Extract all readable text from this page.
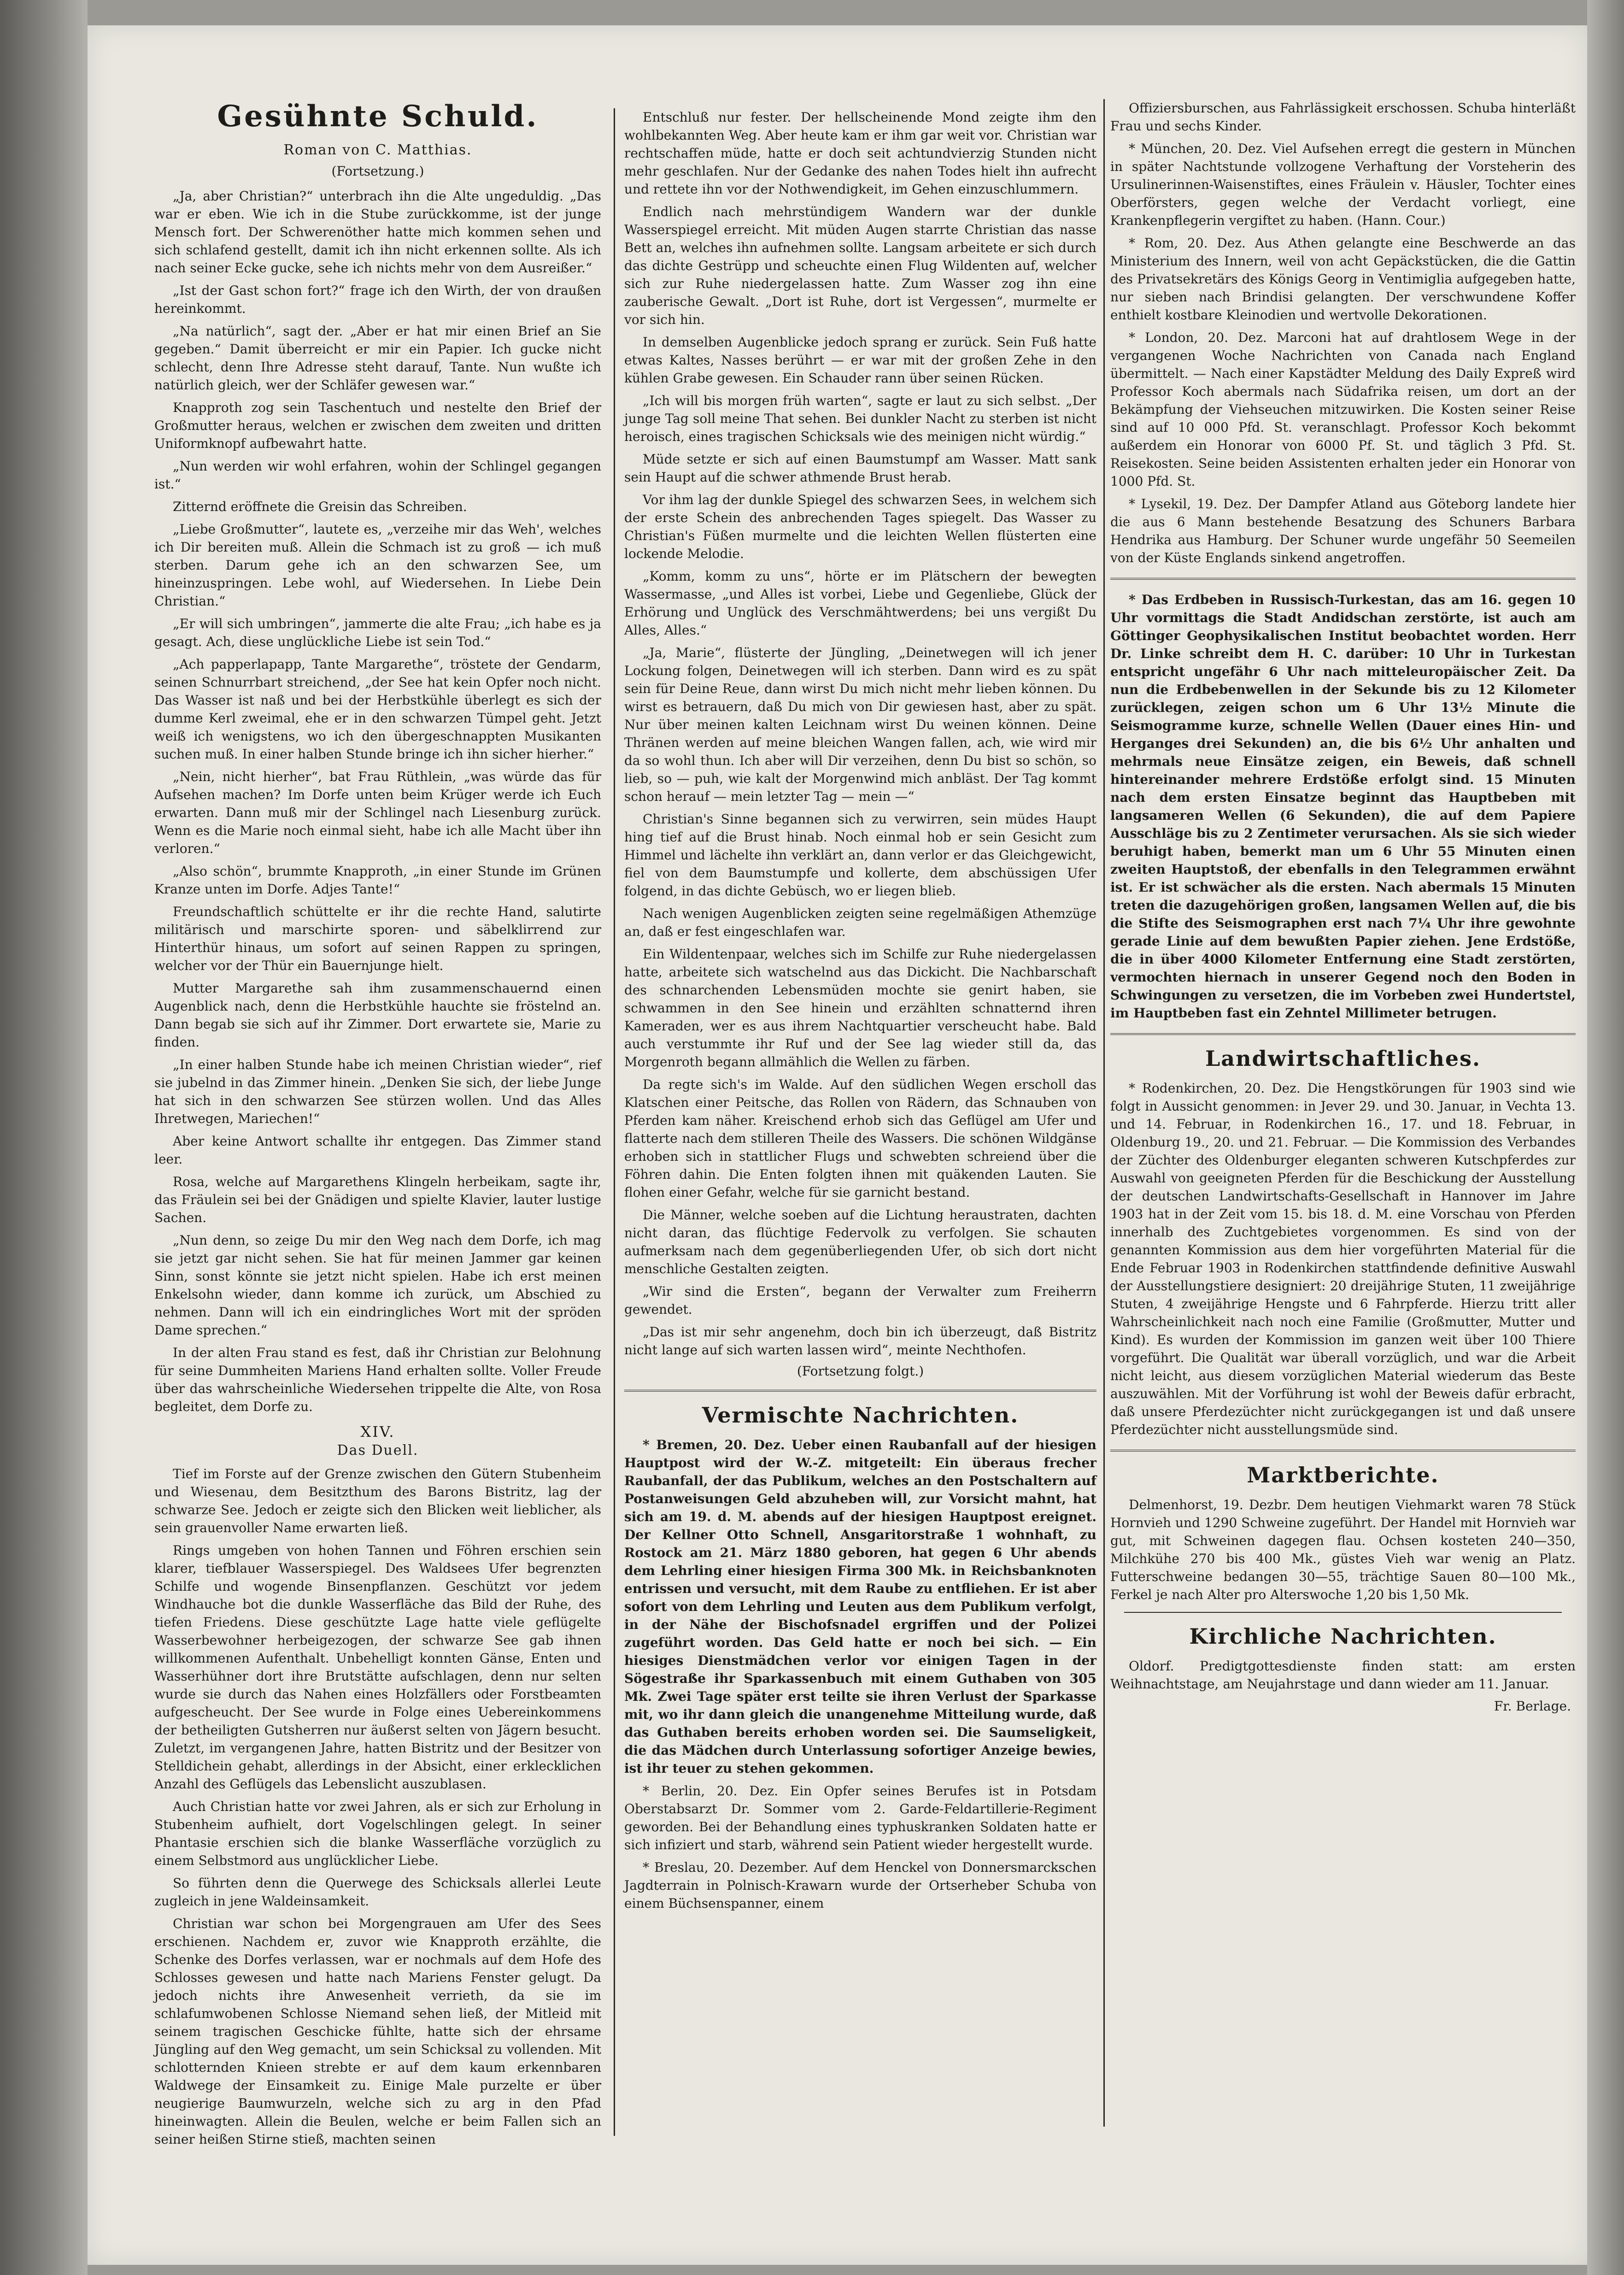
Gesühnte Schuld.
Roman von C. Matthias.
(Fortsetzung.)

„Ja, aber Christian?“ unterbrach ihn die Alte ungeduldig. „Das war er eben. Wie ich in die Stube zurückkomme, ist der junge Mensch fort. Der Schwerenöther hatte mich kommen sehen und sich schlafend gestellt, damit ich ihn nicht erkennen sollte. Als ich nach seiner Ecke gucke, sehe ich nichts mehr von dem Ausreißer.“

„Ist der Gast schon fort?“ frage ich den Wirth, der von draußen hereinkommt.

„Na natürlich“, sagt der. „Aber er hat mir einen Brief an Sie gegeben.“ Damit überreicht er mir ein Papier. Ich gucke nicht schlecht, denn Ihre Adresse steht darauf, Tante. Nun wußte ich natürlich gleich, wer der Schläfer gewesen war.“

Knapproth zog sein Taschentuch und nestelte den Brief der Großmutter heraus, welchen er zwischen dem zweiten und dritten Uniformknopf aufbewahrt hatte.

„Nun werden wir wohl erfahren, wohin der Schlingel gegangen ist.“

Zitternd eröffnete die Greisin das Schreiben.

„Liebe Großmutter“, lautete es, „verzeihe mir das Weh', welches ich Dir bereiten muß. Allein die Schmach ist zu groß — ich muß sterben. Darum gehe ich an den schwarzen See, um hineinzuspringen. Lebe wohl, auf Wiedersehen. In Liebe Dein Christian.“

„Er will sich umbringen“, jammerte die alte Frau; „ich habe es ja gesagt. Ach, diese unglückliche Liebe ist sein Tod.“

„Ach papperlapapp, Tante Margarethe“, tröstete der Gendarm, seinen Schnurrbart streichend, „der See hat kein Opfer noch nicht. Das Wasser ist naß und bei der Herbstkühle überlegt es sich der dumme Kerl zweimal, ehe er in den schwarzen Tümpel geht. Jetzt weiß ich wenigstens, wo ich den übergeschnappten Musikanten suchen muß. In einer halben Stunde bringe ich ihn sicher hierher.“

„Nein, nicht hierher“, bat Frau Rüthlein, „was würde das für Aufsehen machen? Im Dorfe unten beim Krüger werde ich Euch erwarten. Dann muß mir der Schlingel nach Liesenburg zurück. Wenn es die Marie noch einmal sieht, habe ich alle Macht über ihn verloren.“

„Also schön“, brummte Knapproth, „in einer Stunde im Grünen Kranze unten im Dorfe. Adjes Tante!“

Freundschaftlich schüttelte er ihr die rechte Hand, salutirte militärisch und marschirte sporen- und säbelklirrend zur Hinterthür hinaus, um sofort auf seinen Rappen zu springen, welcher vor der Thür ein Bauernjunge hielt.

Mutter Margarethe sah ihm zusammenschauernd einen Augenblick nach, denn die Herbstkühle hauchte sie fröstelnd an. Dann begab sie sich auf ihr Zimmer. Dort erwartete sie, Marie zu finden.

„In einer halben Stunde habe ich meinen Christian wieder“, rief sie jubelnd in das Zimmer hinein. „Denken Sie sich, der liebe Junge hat sich in den schwarzen See stürzen wollen. Und das Alles Ihretwegen, Mariechen!“

Aber keine Antwort schallte ihr entgegen. Das Zimmer stand leer.

Rosa, welche auf Margarethens Klingeln herbeikam, sagte ihr, das Fräulein sei bei der Gnädigen und spielte Klavier, lauter lustige Sachen.

„Nun denn, so zeige Du mir den Weg nach dem Dorfe, ich mag sie jetzt gar nicht sehen. Sie hat für meinen Jammer gar keinen Sinn, sonst könnte sie jetzt nicht spielen. Habe ich erst meinen Enkelsohn wieder, dann komme ich zurück, um Abschied zu nehmen. Dann will ich ein eindringliches Wort mit der spröden Dame sprechen.“

In der alten Frau stand es fest, daß ihr Christian zur Belohnung für seine Dummheiten Mariens Hand erhalten sollte. Voller Freude über das wahrscheinliche Wiedersehen trippelte die Alte, von Rosa begleitet, dem Dorfe zu.

XIV.
Das Duell.

Tief im Forste auf der Grenze zwischen den Gütern Stubenheim und Wiesenau, dem Besitzthum des Barons Bistritz, lag der schwarze See. Jedoch er zeigte sich den Blicken weit lieblicher, als sein grauenvoller Name erwarten ließ.

Rings umgeben von hohen Tannen und Föhren erschien sein klarer, tiefblauer Wasserspiegel. Des Waldsees Ufer begrenzten Schilfe und wogende Binsenpflanzen. Geschützt vor jedem Windhauche bot die dunkle Wasserfläche das Bild der Ruhe, des tiefen Friedens. Diese geschützte Lage hatte viele geflügelte Wasserbewohner herbeigezogen, der schwarze See gab ihnen willkommenen Aufenthalt. Unbehelligt konnten Gänse, Enten und Wasserhühner dort ihre Brutstätte aufschlagen, denn nur selten wurde sie durch das Nahen eines Holzfällers oder Forstbeamten aufgescheucht. Der See wurde in Folge eines Uebereinkommens der betheiligten Gutsherren nur äußerst selten von Jägern besucht. Zuletzt, im vergangenen Jahre, hatten Bistritz und der Besitzer von Stelldichein gehabt, allerdings in der Absicht, einer erklecklichen Anzahl des Geflügels das Lebenslicht auszublasen.

Auch Christian hatte vor zwei Jahren, als er sich zur Erholung in Stubenheim aufhielt, dort Vogelschlingen gelegt. In seiner Phantasie erschien sich die blanke Wasserfläche vorzüglich zu einem Selbstmord aus unglücklicher Liebe.

So führten denn die Querwege des Schicksals allerlei Leute zugleich in jene Waldeinsamkeit.

Christian war schon bei Morgengrauen am Ufer des Sees erschienen. Nachdem er, zuvor wie Knapproth erzählte, die Schenke des Dorfes verlassen, war er nochmals auf dem Hofe des Schlosses gewesen und hatte nach Mariens Fenster gelugt. Da jedoch nichts ihre Anwesenheit verrieth, da sie im schlafumwobenen Schlosse Niemand sehen ließ, der Mitleid mit seinem tragischen Geschicke fühlte, hatte sich der ehrsame Jüngling auf den Weg gemacht, um sein Schicksal zu vollenden. Mit schlotternden Knieen strebte er auf dem kaum erkennbaren Waldwege der Einsamkeit zu. Einige Male purzelte er über neugierige Baumwurzeln, welche sich zu arg in den Pfad hineinwagten. Allein die Beulen, welche er beim Fallen sich an seiner heißen Stirne stieß, machten seinen

Entschluß nur fester. Der hellscheinende Mond zeigte ihm den wohlbekannten Weg. Aber heute kam er ihm gar weit vor. Christian war rechtschaffen müde, hatte er doch seit achtundvierzig Stunden nicht mehr geschlafen. Nur der Gedanke des nahen Todes hielt ihn aufrecht und rettete ihn vor der Nothwendigkeit, im Gehen einzuschlummern.

Endlich nach mehrstündigem Wandern war der dunkle Wasserspiegel erreicht. Mit müden Augen starrte Christian das nasse Bett an, welches ihn aufnehmen sollte. Langsam arbeitete er sich durch das dichte Gestrüpp und scheuchte einen Flug Wildenten auf, welcher sich zur Ruhe niedergelassen hatte. Zum Wasser zog ihn eine zauberische Gewalt. „Dort ist Ruhe, dort ist Vergessen“, murmelte er vor sich hin.

In demselben Augenblicke jedoch sprang er zurück. Sein Fuß hatte etwas Kaltes, Nasses berührt — er war mit der großen Zehe in den kühlen Grabe gewesen. Ein Schauder rann über seinen Rücken.

„Ich will bis morgen früh warten“, sagte er laut zu sich selbst. „Der junge Tag soll meine That sehen. Bei dunkler Nacht zu sterben ist nicht heroisch, eines tragischen Schicksals wie des meinigen nicht würdig.“

Müde setzte er sich auf einen Baumstumpf am Wasser. Matt sank sein Haupt auf die schwer athmende Brust herab.

Vor ihm lag der dunkle Spiegel des schwarzen Sees, in welchem sich der erste Schein des anbrechenden Tages spiegelt. Das Wasser zu Christian's Füßen murmelte und die leichten Wellen flüsterten eine lockende Melodie.

„Komm, komm zu uns“, hörte er im Plätschern der bewegten Wassermasse, „und Alles ist vorbei, Liebe und Gegenliebe, Glück der Erhörung und Unglück des Verschmähtwerdens; bei uns vergißt Du Alles, Alles.“

„Ja, Marie“, flüsterte der Jüngling, „Deinetwegen will ich jener Lockung folgen, Deinetwegen will ich sterben. Dann wird es zu spät sein für Deine Reue, dann wirst Du mich nicht mehr lieben können. Du wirst es betrauern, daß Du mich von Dir gewiesen hast, aber zu spät. Nur über meinen kalten Leichnam wirst Du weinen können. Deine Thränen werden auf meine bleichen Wangen fallen, ach, wie wird mir da so wohl thun. Ich aber will Dir verzeihen, denn Du bist so schön, so lieb, so — puh, wie kalt der Morgenwind mich anbläst. Der Tag kommt schon herauf — mein letzter Tag — mein —“

Christian's Sinne begannen sich zu verwirren, sein müdes Haupt hing tief auf die Brust hinab. Noch einmal hob er sein Gesicht zum Himmel und lächelte ihn verklärt an, dann verlor er das Gleichgewicht, fiel von dem Baumstumpfe und kollerte, dem abschüssigen Ufer folgend, in das dichte Gebüsch, wo er liegen blieb.

Nach wenigen Augenblicken zeigten seine regelmäßigen Athemzüge an, daß er fest eingeschlafen war.

Ein Wildentenpaar, welches sich im Schilfe zur Ruhe niedergelassen hatte, arbeitete sich watschelnd aus das Dickicht. Die Nachbarschaft des schnarchenden Lebensmüden mochte sie genirt haben, sie schwammen in den See hinein und erzählten schnatternd ihren Kameraden, wer es aus ihrem Nachtquartier verscheucht habe. Bald auch verstummte ihr Ruf und der See lag wieder still da, das Morgenroth begann allmählich die Wellen zu färben.

Da regte sich's im Walde. Auf den südlichen Wegen erscholl das Klatschen einer Peitsche, das Rollen von Rädern, das Schnauben von Pferden kam näher. Kreischend erhob sich das Geflügel am Ufer und flatterte nach dem stilleren Theile des Wassers. Die schönen Wildgänse erhoben sich in stattlicher Flugs und schwebten schreiend über die Föhren dahin. Die Enten folgten ihnen mit quäkenden Lauten. Sie flohen einer Gefahr, welche für sie garnicht bestand.

Die Männer, welche soeben auf die Lichtung heraustraten, dachten nicht daran, das flüchtige Federvolk zu verfolgen. Sie schauten aufmerksam nach dem gegenüberliegenden Ufer, ob sich dort nicht menschliche Gestalten zeigten.

„Wir sind die Ersten“, begann der Verwalter zum Freiherrn gewendet.

„Das ist mir sehr angenehm, doch bin ich überzeugt, daß Bistritz nicht lange auf sich warten lassen wird“, meinte Nechthofen.

(Fortsetzung folgt.)
Vermischte Nachrichten.

* Bremen, 20. Dez. Ueber einen Raubanfall auf der hiesigen Hauptpost wird der W.-Z. mitgeteilt: Ein überaus frecher Raubanfall, der das Publikum, welches an den Postschaltern auf Postanweisungen Geld abzuheben will, zur Vorsicht mahnt, hat sich am 19. d. M. abends auf der hiesigen Hauptpost ereignet. Der Kellner Otto Schnell, Ansgaritorstraße 1 wohnhaft, zu Rostock am 21. März 1880 geboren, hat gegen 6 Uhr abends dem Lehrling einer hiesigen Firma 300 Mk. in Reichsbanknoten entrissen und versucht, mit dem Raube zu entfliehen. Er ist aber sofort von dem Lehrling und Leuten aus dem Publikum verfolgt, in der Nähe der Bischofsnadel ergriffen und der Polizei zugeführt worden. Das Geld hatte er noch bei sich. — Ein hiesiges Dienstmädchen verlor vor einigen Tagen in der Sögestraße ihr Sparkassenbuch mit einem Guthaben von 305 Mk. Zwei Tage später erst teilte sie ihren Verlust der Sparkasse mit, wo ihr dann gleich die unangenehme Mitteilung wurde, daß das Guthaben bereits erhoben worden sei. Die Saumseligkeit, die das Mädchen durch Unterlassung sofortiger Anzeige bewies, ist ihr teuer zu stehen gekommen.

* Berlin, 20. Dez. Ein Opfer seines Berufes ist in Potsdam Oberstabsarzt Dr. Sommer vom 2. Garde-Feldartillerie-Regiment geworden. Bei der Behandlung eines typhuskranken Soldaten hatte er sich infiziert und starb, während sein Patient wieder hergestellt wurde.

* Breslau, 20. Dezember. Auf dem Henckel von Donnersmarckschen Jagdterrain in Polnisch-Krawarn wurde der Ortserheber Schuba von einem Büchsenspanner, einem

Offiziersburschen, aus Fahrlässigkeit erschossen. Schuba hinterläßt Frau und sechs Kinder.

* München, 20. Dez. Viel Aufsehen erregt die gestern in München in später Nachtstunde vollzogene Verhaftung der Vorsteherin des Ursulinerinnen-Waisenstiftes, eines Fräulein v. Häusler, Tochter eines Oberförsters, gegen welche der Verdacht vorliegt, eine Krankenpflegerin vergiftet zu haben. (Hann. Cour.)

* Rom, 20. Dez. Aus Athen gelangte eine Beschwerde an das Ministerium des Innern, weil von acht Gepäckstücken, die die Gattin des Privatsekretärs des Königs Georg in Ventimiglia aufgegeben hatte, nur sieben nach Brindisi gelangten. Der verschwundene Koffer enthielt kostbare Kleinodien und wertvolle Dekorationen.

* London, 20. Dez. Marconi hat auf drahtlosem Wege in der vergangenen Woche Nachrichten von Canada nach England übermittelt. — Nach einer Kapstädter Meldung des Daily Expreß wird Professor Koch abermals nach Südafrika reisen, um dort an der Bekämpfung der Viehseuchen mitzuwirken. Die Kosten seiner Reise sind auf 10 000 Pfd. St. veranschlagt. Professor Koch bekommt außerdem ein Honorar von 6000 Pf. St. und täglich 3 Pfd. St. Reisekosten. Seine beiden Assistenten erhalten jeder ein Honorar von 1000 Pfd. St.

* Lysekil, 19. Dez. Der Dampfer Atland aus Göteborg landete hier die aus 6 Mann bestehende Besatzung des Schuners Barbara Hendrika aus Hamburg. Der Schuner wurde ungefähr 50 Seemeilen von der Küste Englands sinkend angetroffen.

* Das Erdbeben in Russisch-Turkestan, das am 16. gegen 10 Uhr vormittags die Stadt Andidschan zerstörte, ist auch am Göttinger Geophysikalischen Institut beobachtet worden. Herr Dr. Linke schreibt dem H. C. darüber: 10 Uhr in Turkestan entspricht ungefähr 6 Uhr nach mitteleuropäischer Zeit. Da nun die Erdbebenwellen in der Sekunde bis zu 12 Kilometer zurücklegen, zeigen schon um 6 Uhr 13½ Minute die Seismogramme kurze, schnelle Wellen (Dauer eines Hin- und Herganges drei Sekunden) an, die bis 6½ Uhr anhalten und mehrmals neue Einsätze zeigen, ein Beweis, daß schnell hintereinander mehrere Erdstöße erfolgt sind. 15 Minuten nach dem ersten Einsatze beginnt das Hauptbeben mit langsameren Wellen (6 Sekunden), die auf dem Papiere Ausschläge bis zu 2 Zentimeter verursachen. Als sie sich wieder beruhigt haben, bemerkt man um 6 Uhr 55 Minuten einen zweiten Hauptstoß, der ebenfalls in den Telegrammen erwähnt ist. Er ist schwächer als die ersten. Nach abermals 15 Minuten treten die dazugehörigen großen, langsamen Wellen auf, die bis die Stifte des Seismographen erst nach 7¼ Uhr ihre gewohnte gerade Linie auf dem bewußten Papier ziehen. Jene Erdstöße, die in über 4000 Kilometer Entfernung eine Stadt zerstörten, vermochten hiernach in unserer Gegend noch den Boden in Schwingungen zu versetzen, die im Vorbeben zwei Hundertstel, im Hauptbeben fast ein Zehntel Millimeter betrugen.

Landwirtschaftliches.

* Rodenkirchen, 20. Dez. Die Hengstkörungen für 1903 sind wie folgt in Aussicht genommen: in Jever 29. und 30. Januar, in Vechta 13. und 14. Februar, in Rodenkirchen 16., 17. und 18. Februar, in Oldenburg 19., 20. und 21. Februar. — Die Kommission des Verbandes der Züchter des Oldenburger eleganten schweren Kutschpferdes zur Auswahl von geeigneten Pferden für die Beschickung der Ausstellung der deutschen Landwirtschafts-Gesellschaft in Hannover im Jahre 1903 hat in der Zeit vom 15. bis 18. d. M. eine Vorschau von Pferden innerhalb des Zuchtgebietes vorgenommen. Es sind von der genannten Kommission aus dem hier vorgeführten Material für die Ende Februar 1903 in Rodenkirchen stattfindende definitive Auswahl der Ausstellungstiere designiert: 20 dreijährige Stuten, 11 zweijährige Stuten, 4 zweijährige Hengste und 6 Fahrpferde. Hierzu tritt aller Wahrscheinlichkeit nach noch eine Familie (Großmutter, Mutter und Kind). Es wurden der Kommission im ganzen weit über 100 Thiere vorgeführt. Die Qualität war überall vorzüglich, und war die Arbeit nicht leicht, aus diesem vorzüglichen Material wiederum das Beste auszuwählen. Mit der Vorführung ist wohl der Beweis dafür erbracht, daß unsere Pferdezüchter nicht zurückgegangen ist und daß unsere Pferdezüchter nicht ausstellungsmüde sind.

Marktberichte.

Delmenhorst, 19. Dezbr. Dem heutigen Viehmarkt waren 78 Stück Hornvieh und 1290 Schweine zugeführt. Der Handel mit Hornvieh war gut, mit Schweinen dagegen flau. Ochsen kosteten 240—350, Milchkühe 270 bis 400 Mk., güstes Vieh war wenig an Platz. Futterschweine bedangen 30—55, trächtige Sauen 80—100 Mk., Ferkel je nach Alter pro Alterswoche 1,20 bis 1,50 Mk.

Kirchliche Nachrichten.

Oldorf. Predigtgottesdienste finden statt: am ersten Weihnachtstage, am Neujahrstage und dann wieder am 11. Januar.

Fr. Berlage.
